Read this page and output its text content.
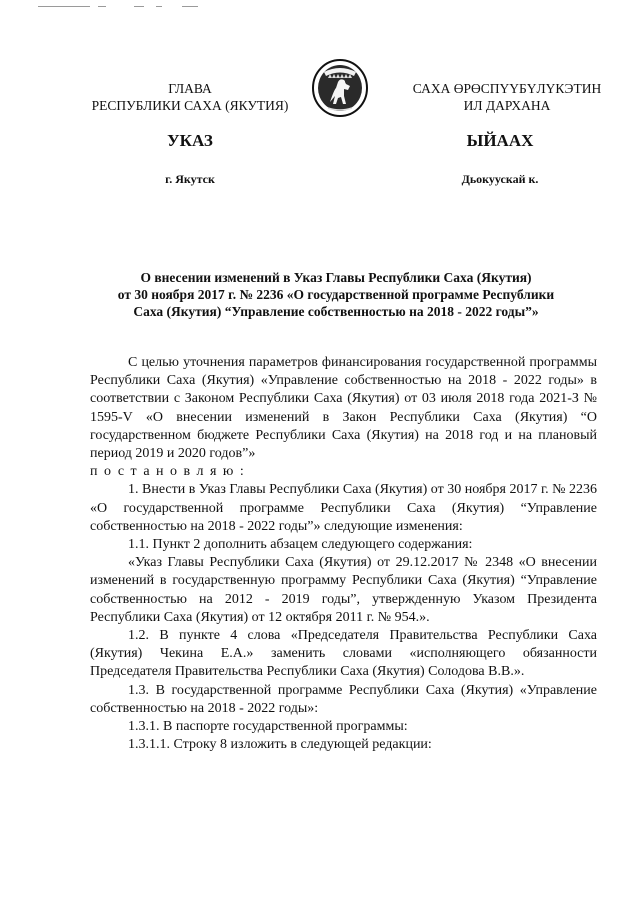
ГЛАВА
РЕСПУБЛИКИ САХА (ЯКУТИЯ)
САХА ӨРӨСПҮҮБҮЛҮКЭТИН
ИЛ ДАРХАНА
УКАЗ	ЫЙААХ
г. Якутск	Дьокуускай к.
О внесении изменений в Указ Главы Республики Саха (Якутия)
от 30 ноября 2017 г. № 2236 «О государственной программе Республики
Саха (Якутия) “Управление собственностью на 2018 - 2022 годы”»

С целью уточнения параметров финансирования государственной программы Республики Саха (Якутия) «Управление собственностью на 2018 - 2022 годы» в соответствии с Законом Республики Саха (Якутия) от 03 июля 2018 года 2021-З № 1595-V «О внесении изменений в Закон Республики Саха (Якутия) “О государственном бюджете Республики Саха (Якутия) на 2018 год и на плановый период 2019 и 2020 годов”»

постановляю:

1. Внести в Указ Главы Республики Саха (Якутия) от 30 ноября 2017 г. № 2236 «О государственной программе Республики Саха (Якутия) “Управление собственностью на 2018 - 2022 годы”» следующие изменения:

1.1. Пункт 2 дополнить абзацем следующего содержания:

«Указ Главы Республики Саха (Якутия) от 29.12.2017 № 2348 «О внесении изменений в государственную программу Республики Саха (Якутия) “Управление собственностью на 2012 - 2019 годы”, утвержденную Указом Президента Республики Саха (Якутия) от 12 октября 2011 г. № 954.».

1.2. В пункте 4 слова «Председателя Правительства Республики Саха (Якутия) Чекина Е.А.» заменить словами «исполняющего обязанности Председателя Правительства Республики Саха (Якутия) Солодова В.В.».

1.3. В государственной программе Республики Саха (Якутия) «Управление собственностью на 2018 - 2022 годы»:

1.3.1. В паспорте государственной программы:

1.3.1.1. Строку 8 изложить в следующей редакции:
